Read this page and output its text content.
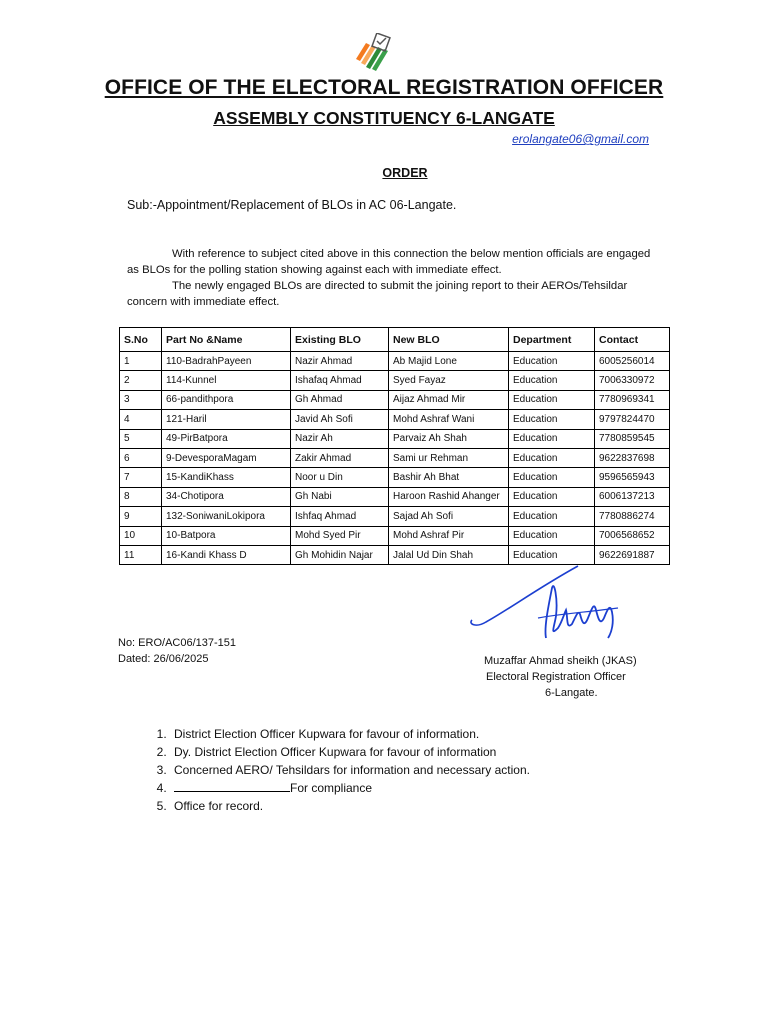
OFFICE OF THE ELECTORAL REGISTRATION OFFICER
ASSEMBLY CONSTITUENCY 6-LANGATE
erolangate06@gmail.com
ORDER
Sub:-Appointment/Replacement of BLOs in AC 06-Langate.
With reference to subject cited above in this connection the below mention officials are engaged as BLOs for the polling station showing against each with immediate effect.
The newly engaged BLOs are directed to submit the joining report to their AEROs/Tehsildar concern with immediate effect.
S.No	Part No &Name	Existing BLO	New BLO	Department	Contact
1	110-BadrahPayeen	Nazir Ahmad	Ab Majid Lone	Education	6005256014
2	114-Kunnel	Ishafaq Ahmad	Syed Fayaz	Education	7006330972
3	66-pandithpora	Gh Ahmad	Aijaz Ahmad Mir	Education	7780969341
4	121-Haril	Javid Ah Sofi	Mohd Ashraf Wani	Education	9797824470
5	49-PirBatpora	Nazir Ah	Parvaiz Ah Shah	Education	7780859545
6	9-DevesporaMagam	Zakir Ahmad	Sami ur Rehman	Education	9622837698
7	15-KandiKhass	Noor u Din	Bashir Ah Bhat	Education	9596565943
8	34-Chotipora	Gh Nabi	Haroon Rashid Ahanger	Education	6006137213
9	132-SoniwaniLokipora	Ishfaq Ahmad	Sajad Ah Sofi	Education	7780886274
10	10-Batpora	Mohd Syed Pir	Mohd Ashraf Pir	Education	7006568652
11	16-Kandi Khass D	Gh Mohidin Najar	Jalal Ud Din Shah	Education	9622691887
No: ERO/AC06/137-151
Dated: 26/06/2025	Muzaffar Ahmad sheikh (JKAS)
Electoral Registration Officer
6-Langate.
1. District Election Officer Kupwara for favour of information.
2. Dy. District Election Officer Kupwara for favour of information
3. Concerned AERO/ Tehsildars for information and necessary action.
4. For compliance
5. Office for record.
